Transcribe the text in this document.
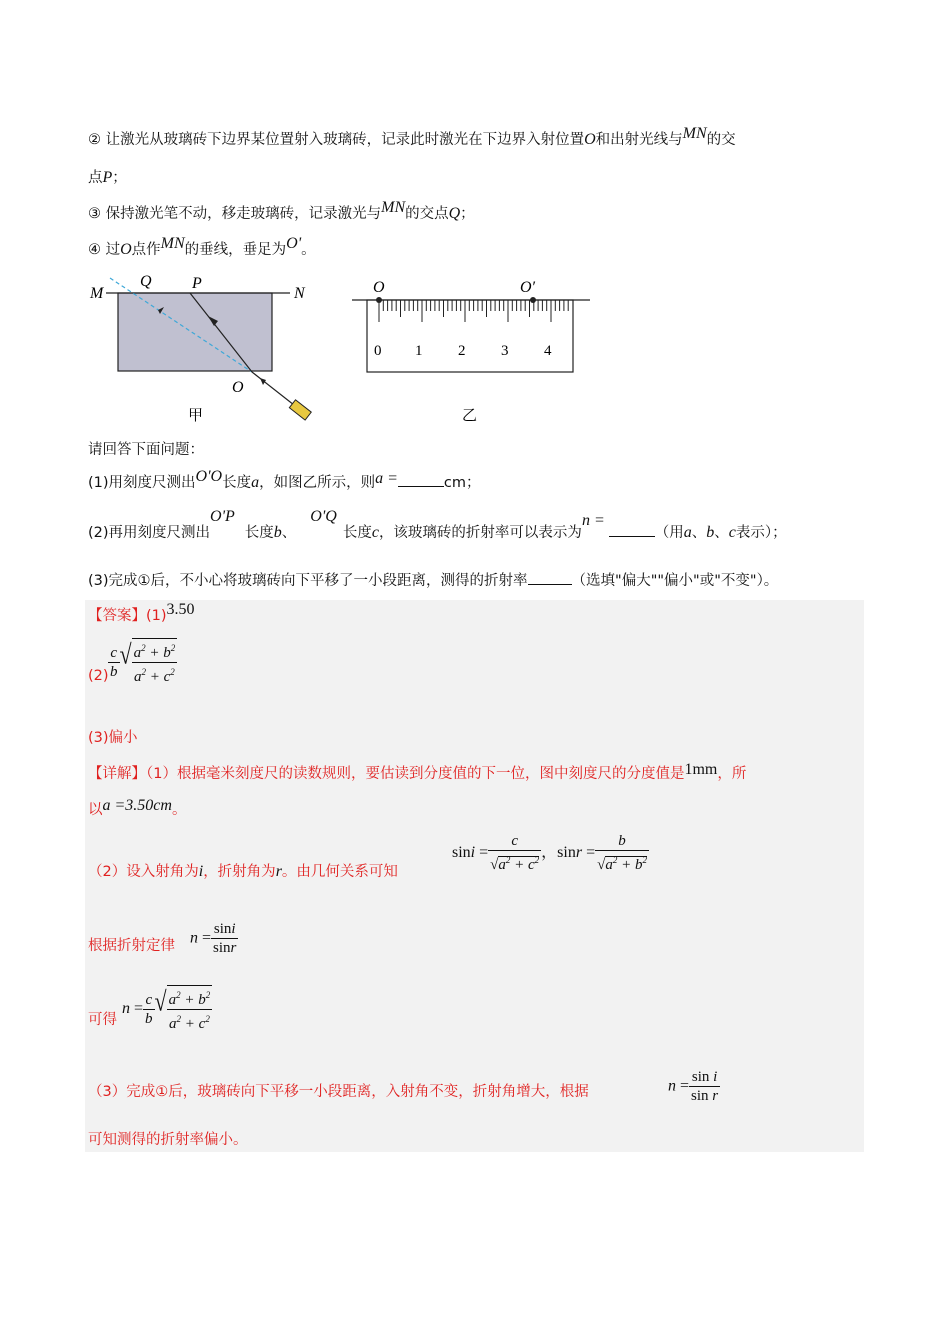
② 让激光从玻璃砖下边界某位置射入玻璃砖，记录此时激光在下边界入射位置O和出射光线与MN的交
点P；
③ 保持激光笔不动，移走玻璃砖，记录激光与MN的交点Q；
④ 过O点作MN的垂线，垂足为O'。
M	N
Q	P
O
甲
O	O′
0 1 2 3 4
乙
请回答下面问题：
(1)用刻度尺测出O'O长度a，如图乙所示，则a =	cm；
(2)再用刻度尺测出O'P长度b、O'Q长度c，该玻璃砖的折射率可以表示为n =（用a、b、c表示）；
(3)完成①后，不小心将玻璃砖向下平移了一小段距离，测得的折射率	（选填"偏大""偏小"或"不变"）。
【答案】(1)3.50
$(2) \frac{c}{b}$ √ $\frac{a^2 + b^2}{a^2 + c^2}$
(3)偏小
【详解】（1）根据毫米刻度尺的读数规则，要估读到分度值的下一位，图中刻度尺的分度值是1mm，所
以a =3.50cm。
（2）设入射角为i，折射角为r。由几何关系可知
$\sin i = \frac{c}{√a^2 + c^2}$ ，$\sin r = \frac{b}{√a^2 + b^2}$
根据折射定律 $n = \frac{\sin i}{\sin r}$
可得
$n = \frac{c}{b}$ √ $\frac{a^2 + b^2}{a^2 + c^2}$
（3）完成①后，玻璃砖向下平移一小段距离，入射角不变，折射角增大，根据	$n = \frac{\text{sin i}}{\text{sin r}}$
可知测得的折射率偏小。
